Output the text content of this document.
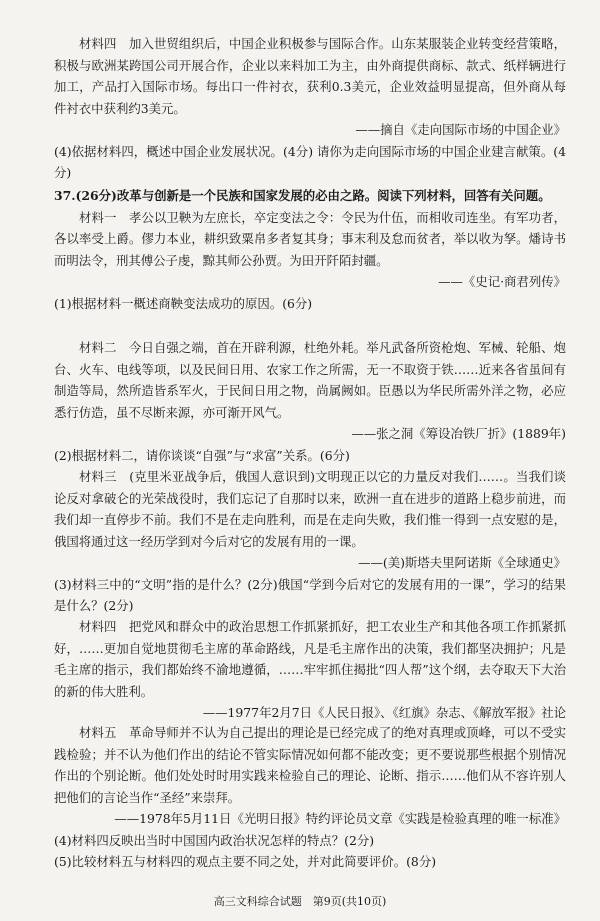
材料四　加入世贸组织后，中国企业积极参与国际合作。山东某服装企业转变经营策略，积极与欧洲某跨国公司开展合作，企业以来料加工为主，由外商提供商标、款式、纸样辆进行加工，产品打入国际市场。每出口一件衬衣，获利0.3美元，企业效益明显提高，但外商从每件衬衣中获利约3美元。

——摘自《走向国际市场的中国企业》

(4)依据材料四，概述中国企业发展状况。(4分) 请你为走向国际市场的中国企业建言献策。(4分)

37.(26分)改革与创新是一个民族和国家发展的必由之路。阅读下列材料，回答有关问题。

材料一　孝公以卫鞅为左庶长，卒定变法之令：令民为什伍，而相收司连坐。有军功者，各以率受上爵。僇力本业，耕织致粟帛多者复其身；事末利及怠而贫者，举以收为孥。燔诗书而明法令，刑其傅公子虔，黥其师公孙贾。为田开阡陌封疆。

——《史记·商君列传》

(1)根据材料一概述商鞅变法成功的原因。(6分)

材料二　今日自强之端，首在开辟利源，杜绝外耗。举凡武备所资枪炮、军械、轮船、炮台、火车、电线等项，以及民间日用、农家工作之所需，无一不取资于铁……近来各省虽间有制造等局，然所造皆系军火，于民间日用之物，尚属阙如。臣愚以为华民所需外洋之物，必应悉行仿造，虽不尽断来源，亦可渐开风气。

——张之洞《筹设冶铁厂折》(1889年)

(2)根据材料二，请你谈谈“自强”与“求富”关系。(6分)

材料三　(克里米亚战争后，俄国人意识到)文明现正以它的力量反对我们……。当我们谈论反对拿破仑的光荣战役时，我们忘记了自那时以来，欧洲一直在进步的道路上稳步前进，而我们却一直停步不前。我们不是在走向胜利，而是在走向失败，我们惟一得到一点安慰的是，俄国将通过这一经历学到对今后对它的发展有用的一课。

——(美)斯塔夫里阿诺斯《全球通史》

(3)材料三中的“文明”指的是什么？(2分)俄国“学到今后对它的发展有用的一课”，学习的结果是什么？(2分)

材料四　把党风和群众中的政治思想工作抓紧抓好，把工农业生产和其他各项工作抓紧抓好，……更加自觉地贯彻毛主席的革命路线，凡是毛主席作出的决策，我们都坚决拥护；凡是毛主席的指示，我们都始终不渝地遵循，……牢牢抓住揭批“四人帮”这个纲，去夺取天下大治的新的伟大胜利。

——1977年2月7日《人民日报》、《红旗》杂志、《解放军报》社论

材料五　革命导师并不认为自己提出的理论是已经完成了的绝对真理或顶峰，可以不受实践检验；并不认为他们作出的结论不管实际情况如何都不能改变；更不要说那些根据个别情况作出的个别论断。他们处处时时用实践来检验自己的理论、论断、指示……他们从不容许别人把他们的言论当作“圣经”来崇拜。

——1978年5月11日《光明日报》特约评论员文章《实践是检验真理的唯一标准》

(4)材料四反映出当时中国国内政治状况怎样的特点？(2分)

(5)比较材料五与材料四的观点主要不同之处，并对此简要评价。(8分)

高三文科综合试题　第9页(共10页)
